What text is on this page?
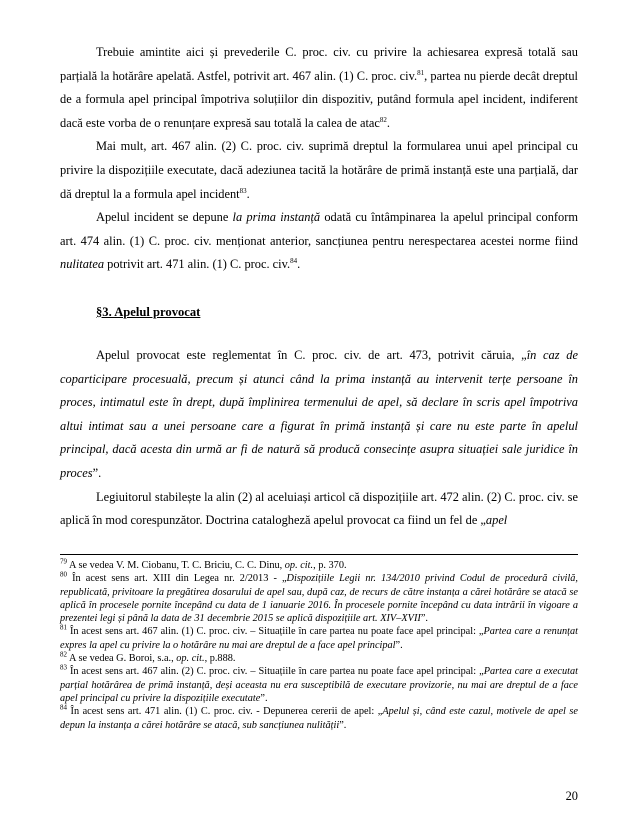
Trebuie amintite aici și prevederile C. proc. civ. cu privire la achiesarea expresă totală sau parțială la hotărâre apelată. Astfel, potrivit art. 467 alin. (1) C. proc. civ.$^{81}$, partea nu pierde decât dreptul de a formula apel principal împotriva soluțiilor din dispozitiv, putând formula apel incident, indiferent dacă este vorba de o renunțare expresă sau totală la calea de atac$^{82}$.

Mai mult, art. 467 alin. (2) C. proc. civ. suprimă dreptul la formularea unui apel principal cu privire la dispozițiile executate, dacă adeziunea tacită la hotărâre de primă instanță este una parțială, dar dă dreptul la a formula apel incident$^{83}$.

Apelul incident se depune la prima instanță odată cu întâmpinarea la apelul principal conform art. 474 alin. (1) C. proc. civ. menționat anterior, sancțiunea pentru nerespectarea acestei norme fiind nulitatea potrivit art. 471 alin. (1) C. proc. civ.$^{84}$.

§3. Apelul provocat

Apelul provocat este reglementat în C. proc. civ. de art. 473, potrivit căruia, „în caz de coparticipare procesuală, precum și atunci când la prima instanță au intervenit terțe persoane în proces, intimatul este în drept, după împlinirea termenului de apel, să declare în scris apel împotriva altui intimat sau a unei persoane care a figurat în primă instanță și care nu este parte în apelul principal, dacă acesta din urmă ar fi de natură să producă consecințe asupra situației sale juridice în proces”.

Legiuitorul stabilește la alin (2) al aceluiași articol că dispozițiile art. 472 alin. (2) C. proc. civ. se aplică în mod corespunzător. Doctrina catalogheză apelul provocat ca fiind un fel de „apel

$^{79}$ A se vedea V. M. Ciobanu, T. C. Briciu, C. C. Dinu, op. cit., p. 370.

$^{80}$ În acest sens art. XIII din Legea nr. 2/2013 - „Dispozițiile Legii nr. 134/2010 privind Codul de procedură civilă, republicată, privitoare la pregătirea dosarului de apel sau, după caz, de recurs de către instanța a cărei hotărâre se atacă se aplică în procesele pornite începând cu data de 1 ianuarie 2016. În procesele pornite începând cu data intrării în vigoare a prezentei legi și până la data de 31 decembrie 2015 se aplică dispozițiile art. XIV–XVII”.

$^{81}$ În acest sens art. 467 alin. (1) C. proc. civ. – Situațiile în care partea nu poate face apel principal: „Partea care a renunțat expres la apel cu privire la o hotărâre nu mai are dreptul de a face apel principal”.

$^{82}$ A se vedea G. Boroi, s.a., op. cit., p.888.

$^{83}$ În acest sens art. 467 alin. (2) C. proc. civ. – Situațiile în care partea nu poate face apel principal: „Partea care a executat parțial hotărârea de primă instanță, deși aceasta nu era susceptibilă de executare provizorie, nu mai are dreptul de a face apel principal cu privire la dispozițiile executate”.

$^{84}$ În acest sens art. 471 alin. (1) C. proc. civ. - Depunerea cererii de apel: „Apelul și, când este cazul, motivele de apel se depun la instanța a cărei hotărâre se atacă, sub sancțiunea nulității”.

20
